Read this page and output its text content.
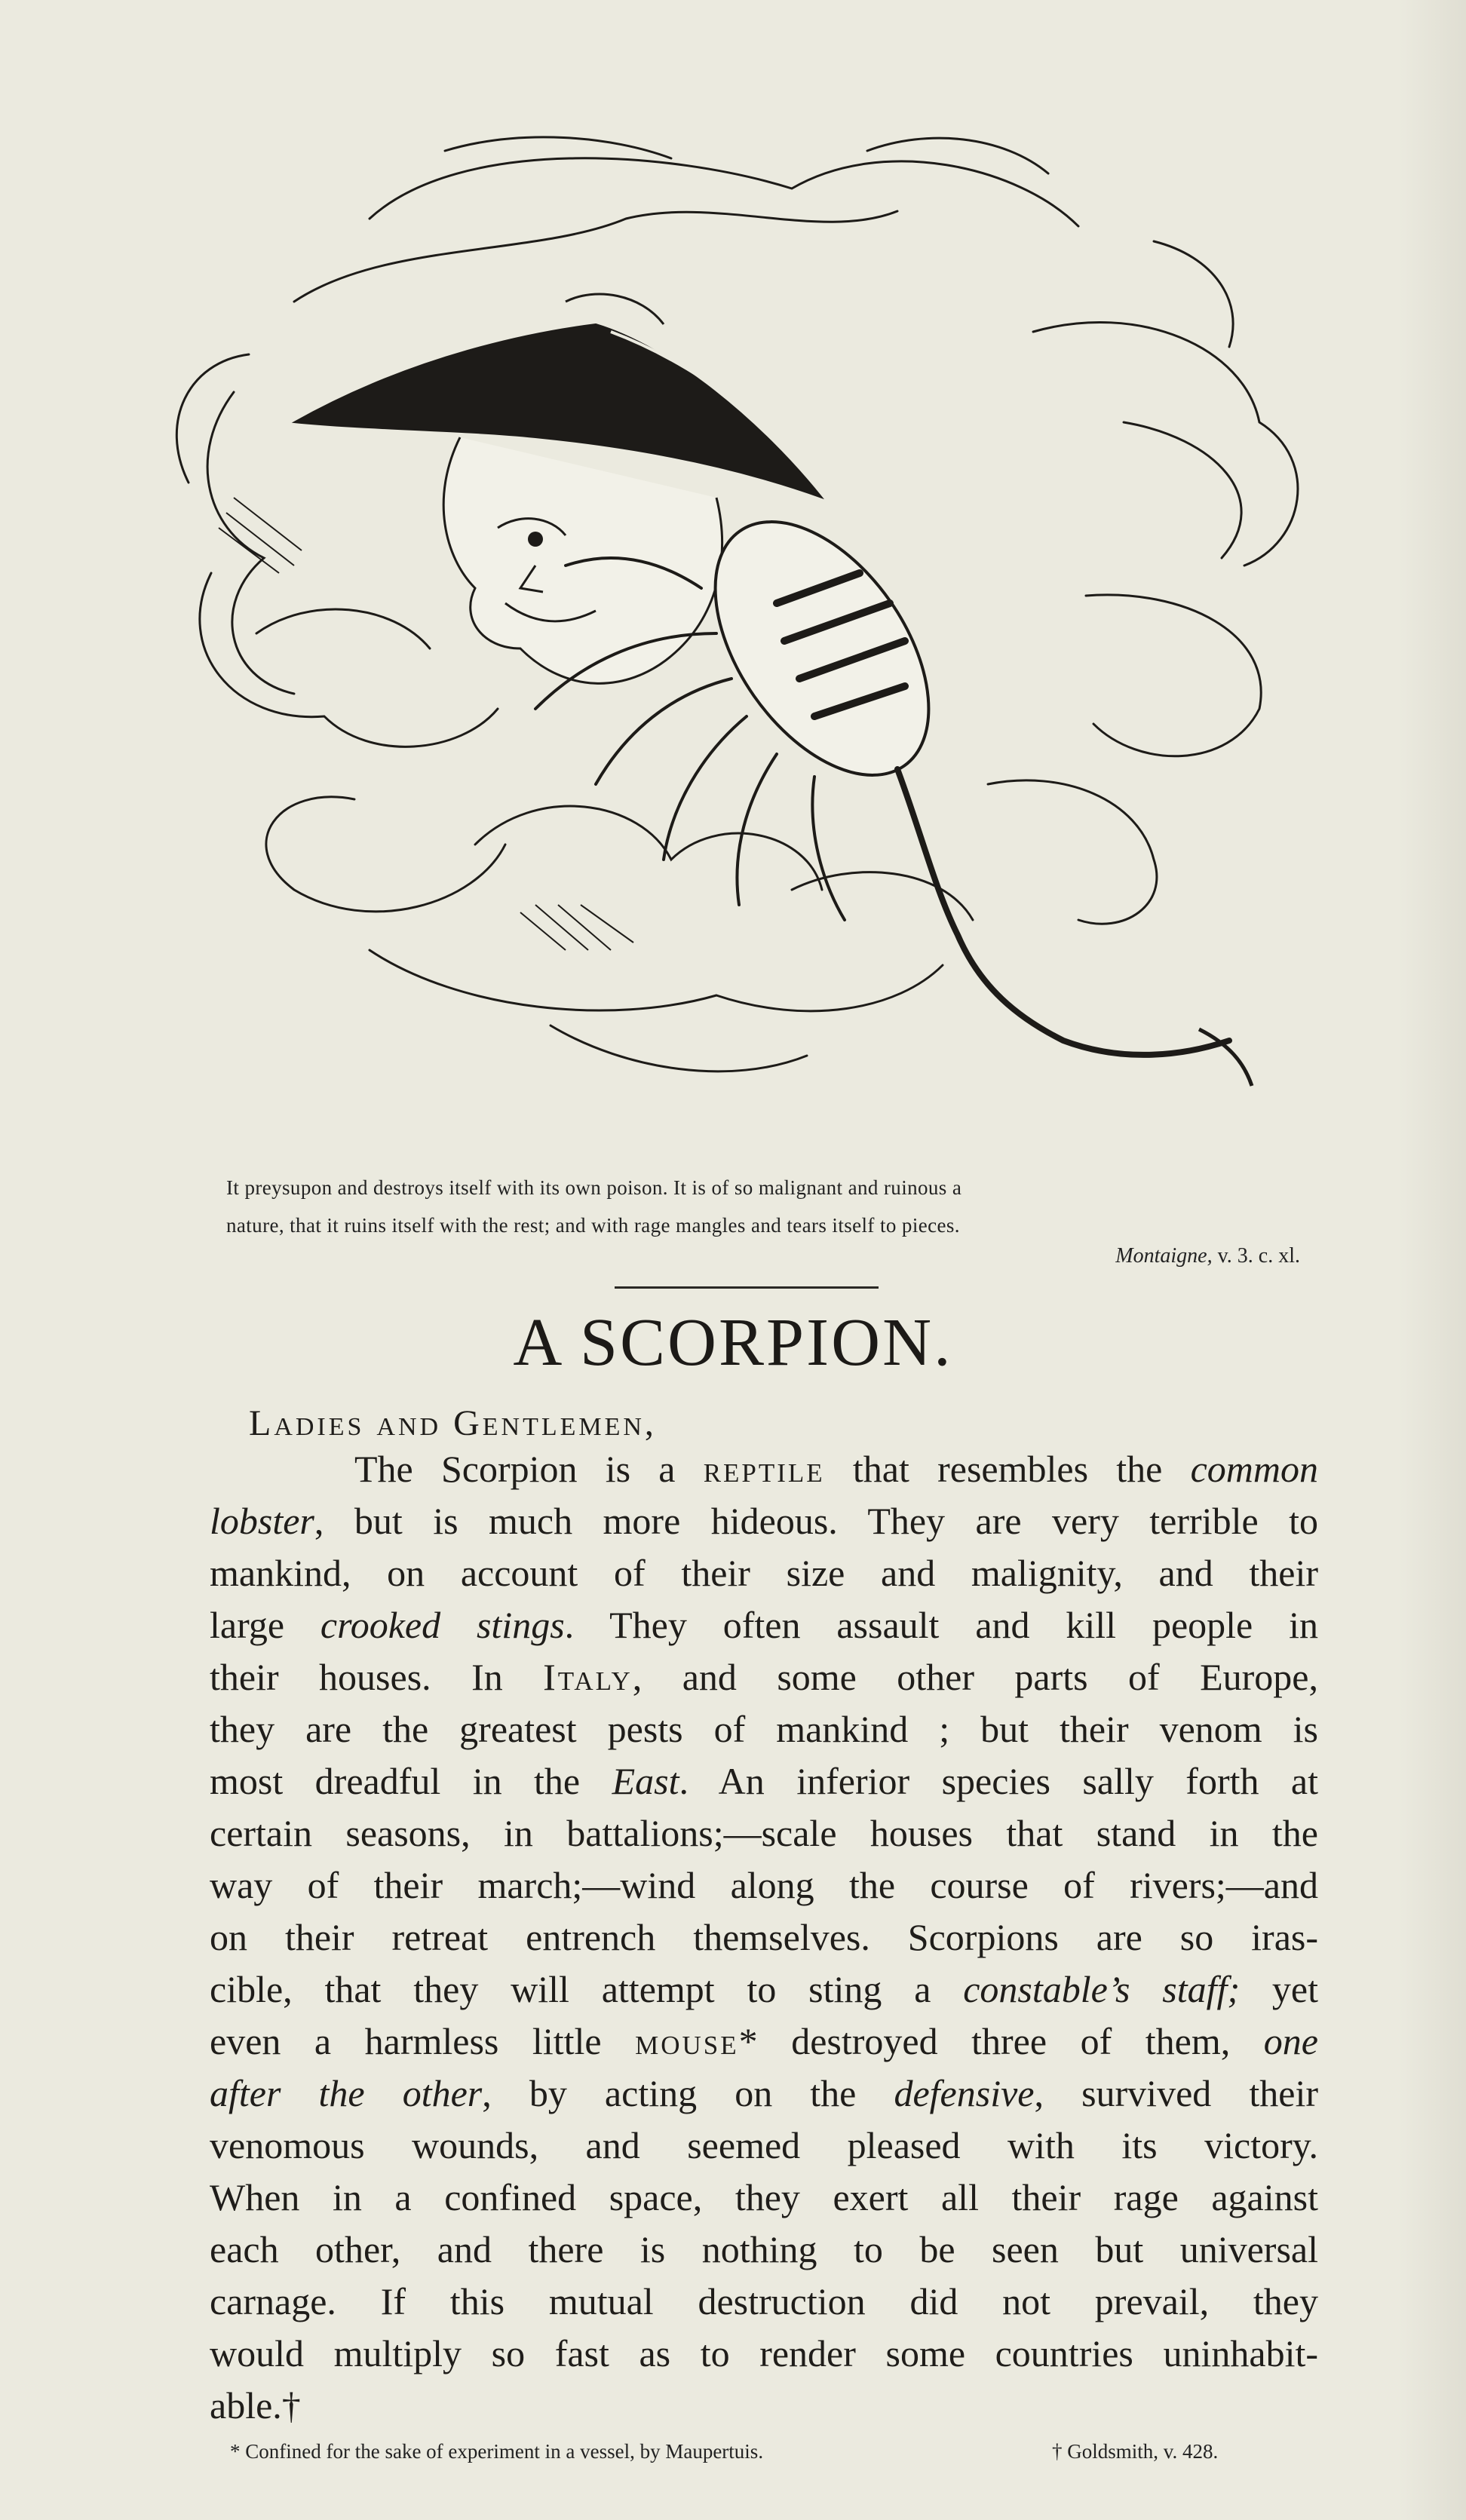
It preysupon and destroys itself with its own poison. It is of so malignant and ruinous a
nature, that it ruins itself with the rest; and with rage mangles and tears itself to pieces.
Montaigne, v. 3. c. xl.
A SCORPION.
Ladies and Gentlemen,
The Scorpion is a reptile that resembles the common
lobster, but is much more hideous. They are very terrible to
mankind, on account of their size and malignity, and their
large crooked stings. They often assault and kill people in
their houses. In Italy, and some other parts of Europe,
they are the greatest pests of mankind ; but their venom is
most dreadful in the East. An inferior species sally forth at
certain seasons, in battalions;—scale houses that stand in the
way of their march;—wind along the course of rivers;—and
on their retreat entrench themselves. Scorpions are so iras-
cible, that they will attempt to sting a constable’s staff; yet
even a harmless little mouse* destroyed three of them, one
after the other, by acting on the defensive, survived their
venomous wounds, and seemed pleased with its victory.
When in a confined space, they exert all their rage against
each other, and there is nothing to be seen but universal
carnage. If this mutual destruction did not prevail, they
would multiply so fast as to render some countries uninhabit-
able.†
* Confined for the sake of experiment in a vessel, by Maupertuis.	† Goldsmith, v. 428.
